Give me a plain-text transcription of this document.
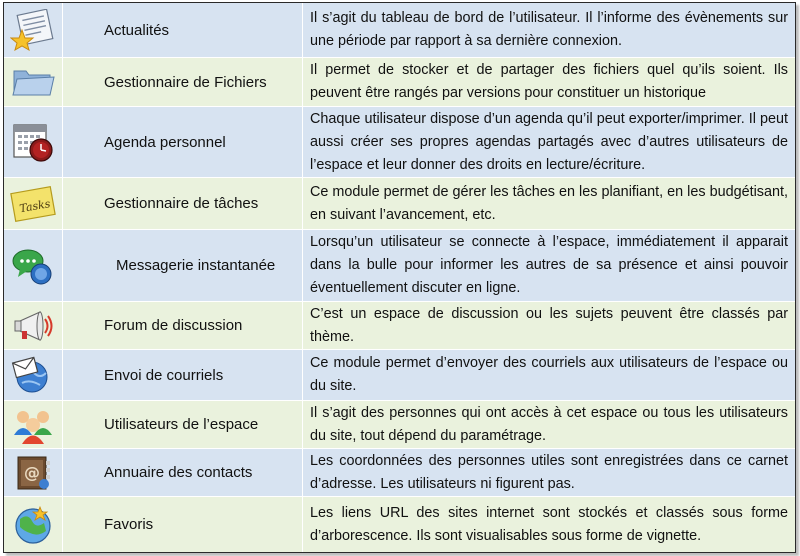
Actualités
Il s’agit du tableau de bord de l’utilisateur. Il l’informe des évènements sur une période par rapport à sa dernière connexion.
Gestionnaire de Fichiers
Il permet de stocker et de partager des fichiers quel qu’ils soient. Ils peuvent être rangés par versions pour constituer un historique
Agenda personnel
Chaque utilisateur dispose d’un agenda qu’il peut exporter/imprimer. Il peut aussi créer ses propres agendas partagés avec d’autres utilisateurs de l’espace et leur donner des droits en lecture/écriture.
Tasks	Gestionnaire de tâches
Ce module permet de gérer les tâches en les planifiant, en les budgétisant, en suivant l’avancement, etc.
Messagerie instantanée
Lorsqu’un utilisateur se connecte à l’espace, immédiatement il apparait dans la bulle pour informer les autres de sa présence et ainsi pouvoir éventuellement discuter en ligne.
Forum de discussion
C’est un espace de discussion ou les sujets peuvent être classés par thème.
Envoi de courriels
Ce module permet d’envoyer des courriels aux utilisateurs de l’espace ou du site.
Utilisateurs de l’espace
Il s’agit des personnes qui ont accès à cet espace ou tous les utilisateurs du site, tout dépend du paramétrage.
@	Annuaire des contacts
Les coordonnées des personnes utiles sont enregistrées dans ce carnet d’adresse. Les utilisateurs ni figurent pas.
Favoris
Les liens URL des sites internet sont stockés et classés sous forme d’arborescence. Ils sont visualisables sous forme de vignette.
